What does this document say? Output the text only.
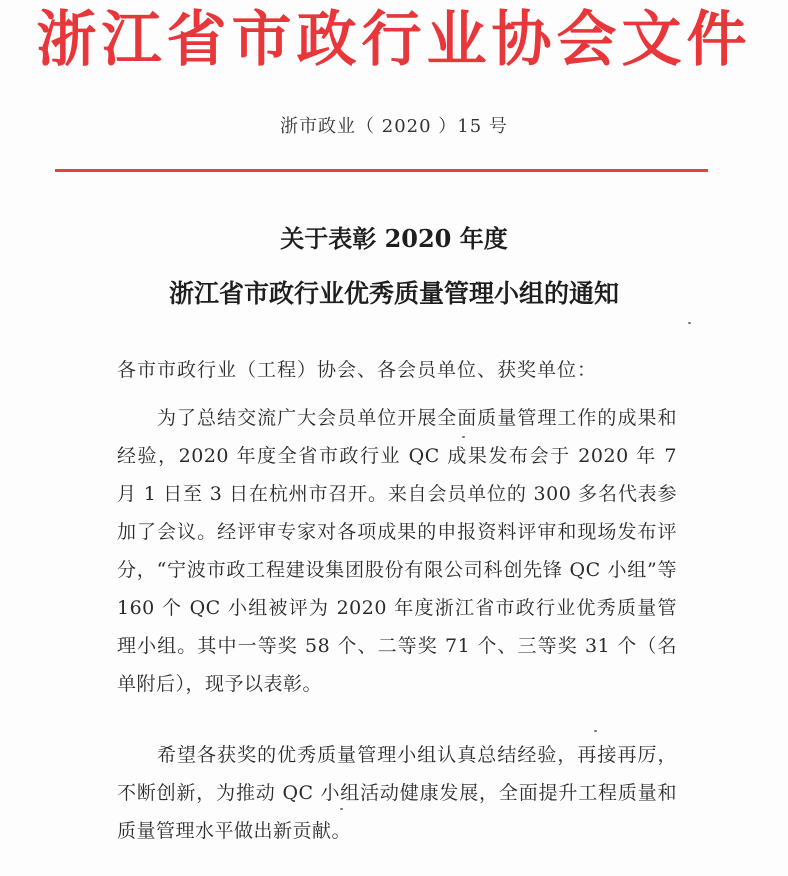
浙江省市政行业协会文件
浙市政业（ 2020 ）15 号
关于表彰 2020 年度
浙江省市政行业优秀质量管理小组的通知
各市市政行业（工程）协会、各会员单位、获奖单位：
为了总结交流广大会员单位开展全面质量管理工作的成果和经验，2020 年度全省市政行业 QC 成果发布会于 2020 年 7 月 1 日至 3 日在杭州市召开。来自会员单位的 300 多名代表参加了会议。经评审专家对各项成果的申报资料评审和现场发布评分，“宁波市政工程建设集团股份有限公司科创先锋 QC 小组”等 160 个 QC 小组被评为 2020 年度浙江省市政行业优秀质量管理小组。其中一等奖 58 个、二等奖 71 个、三等奖 31 个（名单附后），现予以表彰。
希望各获奖的优秀质量管理小组认真总结经验，再接再厉，不断创新，为推动 QC 小组活动健康发展，全面提升工程质量和质量管理水平做出新贡献。
